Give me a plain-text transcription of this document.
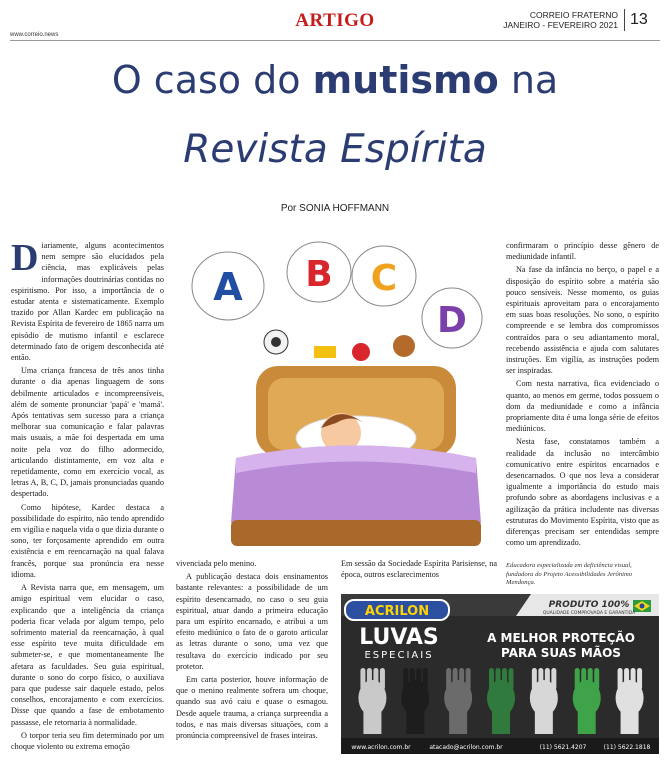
www.correio.news
ARTIGO	CORREIO FRATERNO
JANEIRO - FEVEREIRO 2021 13
O caso do mutismo na
Revista Espírita
Por SONIA HOFFMANN

Diariamente, alguns acontecimentos nem sempre são elucidados pela ciência, mas explicáveis pelas informações doutrinárias contidas no espiritismo. Por isso, a importância de o estudar atenta e sistematicamente. Exemplo trazido por Allan Kardec em publicação na Revista Espírita de fevereiro de 1865 narra um episódio de mutismo infantil e esclarece determinado fato de origem desconhecida até então.

Uma criança francesa de três anos tinha durante o dia apenas linguagem de sons debilmente articulados e incompreensíveis, além de somente pronunciar 'papá' e 'mamá'. Após tentativas sem sucesso para a criança melhorar sua comunicação e falar palavras mais usuais, a mãe foi despertada em uma noite pela voz do filho adormecido, articulando distintamente, em voz alta e repetidamente, como em exercício vocal, as letras A, B, C, D, jamais pronunciadas quando despertado.

Como hipótese, Kardec destaca a possibilidade do espírito, não tendo aprendido em vigília e naquela vida o que dizia durante o sono, ter forçosamente aprendido em outra existência e em reencarnação na qual falava francês, porque sua pronúncia era nesse idioma.

A Revista narra que, em mensagem, um amigo espiritual vem elucidar o caso, explicando que a inteligência da criança poderia ficar velada por algum tempo, pelo sofrimento material da reencarnação, à qual esse espírito teve muita dificuldade em submeter-se, e que momentaneamente lhe afetara as faculdades. Seu guia espiritual, durante o sono do corpo físico, o auxiliava para que pudesse sair daquele estado, pelos conselhos, encorajamento e com exercícios. Disse que quando a fase de embotamento passasse, ele retornaria à normalidade.

O torpor teria seu fim determinado por um choque violento ou extrema emoção

A B C
D

vivenciada pelo menino.

A publicação destaca dois ensinamentos bastante relevantes: a possibilidade de um espírito desencarnado, no caso o seu guia espiritual, atuar dando a primeira educação para um espírito encarnado, e atribui a um efeito mediúnico o fato de o garoto articular as letras durante o sono, uma vez que resultava do exercício indicado por seu protetor.

Em carta posterior, houve informação de que o menino realmente sofrera um choque, quando sua avó caiu e quase o esmagou. Desde aquele trauma, a criança surpreendia a todos, e nas mais diversas situações, com a pronúncia compreensível de frases inteiras.

Em sessão da Sociedade Espírita Parisiense, na época, outros esclarecimentos

confirmaram o princípio desse gênero de mediunidade infantil.

Na fase da infância no berço, o papel e a disposição do espírito sobre a matéria são pouco sensíveis. Nesse momento, os guias espirituais aproveitam para o encorajamento em suas boas resoluções. No sono, o espírito compreende e se lembra dos compromissos contraídos para o seu adiantamento moral, recebendo assistência e ajuda com salutares instruções. Em vigília, as instruções podem ser inspiradas.

Com nesta narrativa, fica evidenciado o quanto, ao menos em germe, todos possuem o dom da mediunidade e como a infância propriamente dita é uma longa série de efeitos mediúnicos.

Nesta fase, constatamos também a realidade da inclusão no intercâmbio comunicativo entre espíritos encarnados e desencarnados. O que nos leva a considerar igualmente a importância do estudo mais profundo sobre as abordagens inclusivas e a agilização da prática includente nas diversas estruturas do Movimento Espírita, visto que as diferenças precisam ser entendidas sempre como um aprendizado.

Educadora especializada em deficiência visual, fundadora do Projeto Acessibilidades Jerônimo Mendonça.
ACRILON	PRODUTO 100%
QUALIDADE COMPROVADA E GARANTIDA
LUVAS
ESPECIAIS
A MELHOR PROTEÇÃO
PARA SUAS MÃOS
www.acrilon.com.br	atacado@acrilon.com.br	(11) 5621.4207	(11) 5622.1818
